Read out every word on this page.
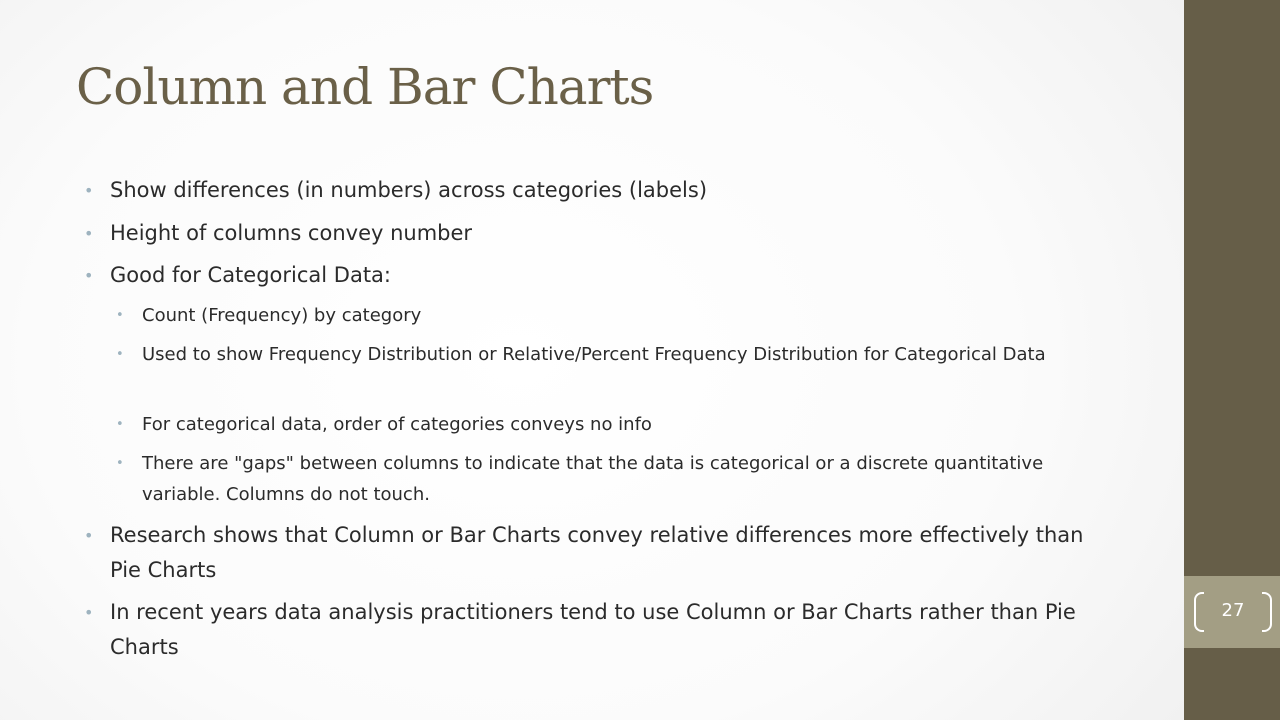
27
Column and Bar Charts
• Show differences (in numbers) across categories (labels)
• Height of columns convey number
• Good for Categorical Data:
• Count (Frequency) by category
• Used to show Frequency Distribution or Relative/Percent Frequency Distribution for Categorical Data
• For categorical data, order of categories conveys no info
• There are "gaps" between columns to indicate that the data is categorical or a discrete quantitative variable. Columns do not touch.
• Research shows that Column or Bar Charts convey relative differences more effectively than Pie Charts
• In recent years data analysis practitioners tend to use Column or Bar Charts rather than Pie Charts
